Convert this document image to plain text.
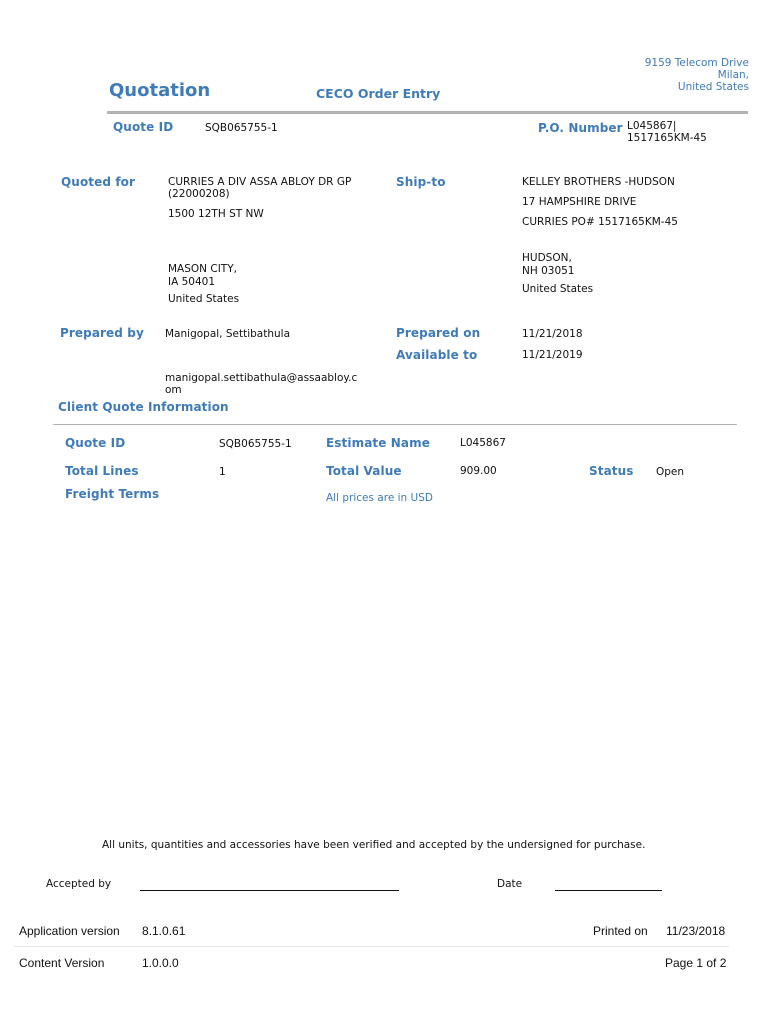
9159 Telecom Drive
Milan,
United States
Quotation	CECO Order Entry
Quote ID	SQB065755-1	P.O. Number L045867|
1517165KM-45
Quoted for	CURRIES A DIV ASSA ABLOY DR GP
(22000208)
1500 12TH ST NW
MASON CITY,
IA 50401
United States
Ship-to	KELLEY BROTHERS -HUDSON
17 HAMPSHIRE DRIVE
CURRIES PO# 1517165KM-45
HUDSON,
NH 03051
United States
Prepared by Manigopal, Settibathula
manigopal.settibathula@assaabloy.c
om
Prepared on	11/21/2018
Available to	11/21/2019
Client Quote Information
Quote ID	SQB065755-1	Estimate Name	L045867
Total Lines	1	Total Value	909.00	Status Open
Freight Terms	All prices are in USD
All units, quantities and accessories have been verified and accepted by the undersigned for purchase.
Accepted by	Date
Application version 8.1.0.61	Printed on 11/23/2018
Content Version	1.0.0.0	Page 1 of 2
